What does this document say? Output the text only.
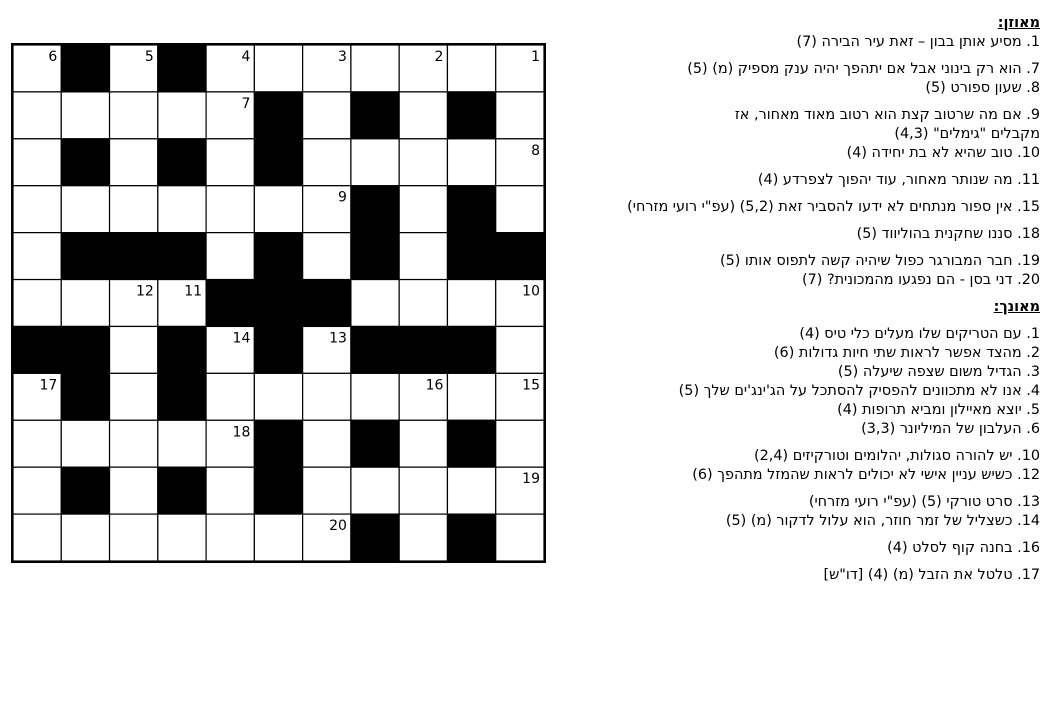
1
2
3
4
5
6
7
8
9
10
11
12
13
14
15
16
17
18
19
20

מאוזן:

1. מסיע אותן בבון – זאת עיר הבירה (7)

7. הוא רק בינוני אבל אם יתהפך יהיה ענק מספיק (מ) (5)

8. שעון ספורט (5)

9. אם מה שרטוב קצת הוא רטוב מאוד מאחור, אז

מקבלים "גימלים" (4,3)

10. טוב שהיא לא בת יחידה (4)

11. מה שנותר מאחור, עוד יהפוך לצפרדע (4)

15. אין ספור מנתחים לא ידעו להסביר זאת (5,2) (עפ"י רועי מזרחי)

18. סננו שחקנית בהוליווד (5)

19. חבר המבורגר כפול שיהיה קשה לתפוס אותו (5)

20. דני בסן - הם נפגעו מהמכונית? (7)

מאונך:

1. עם הטריקים שלו מעלים כלי טיס (4)

2. מהצד אפשר לראות שתי חיות גדולות (6)

3. הגדיל משום שצפה שיעלה (5)

4. אנו לא מתכוונים להפסיק להסתכל על הג'ינג'ים שלך (5)

5. יוצא מאיילון ומביא תרופות (4)

6. העלבון של המיליונר (3,3)

10. יש להורה סגולות, יהלומים וטורקיזים (2,4)

12. כשיש עניין אישי לא יכולים לראות שהמזל מתהפך (6)

13. סרט טורקי (5) (עפ"י רועי מזרחי)

14. כשצליל של זמר חוזר, הוא עלול לדקור (מ) (5)

16. בחנה קוף לסלט (4)

17. טלטל את הזבל (מ) (4) [דו"ש]
